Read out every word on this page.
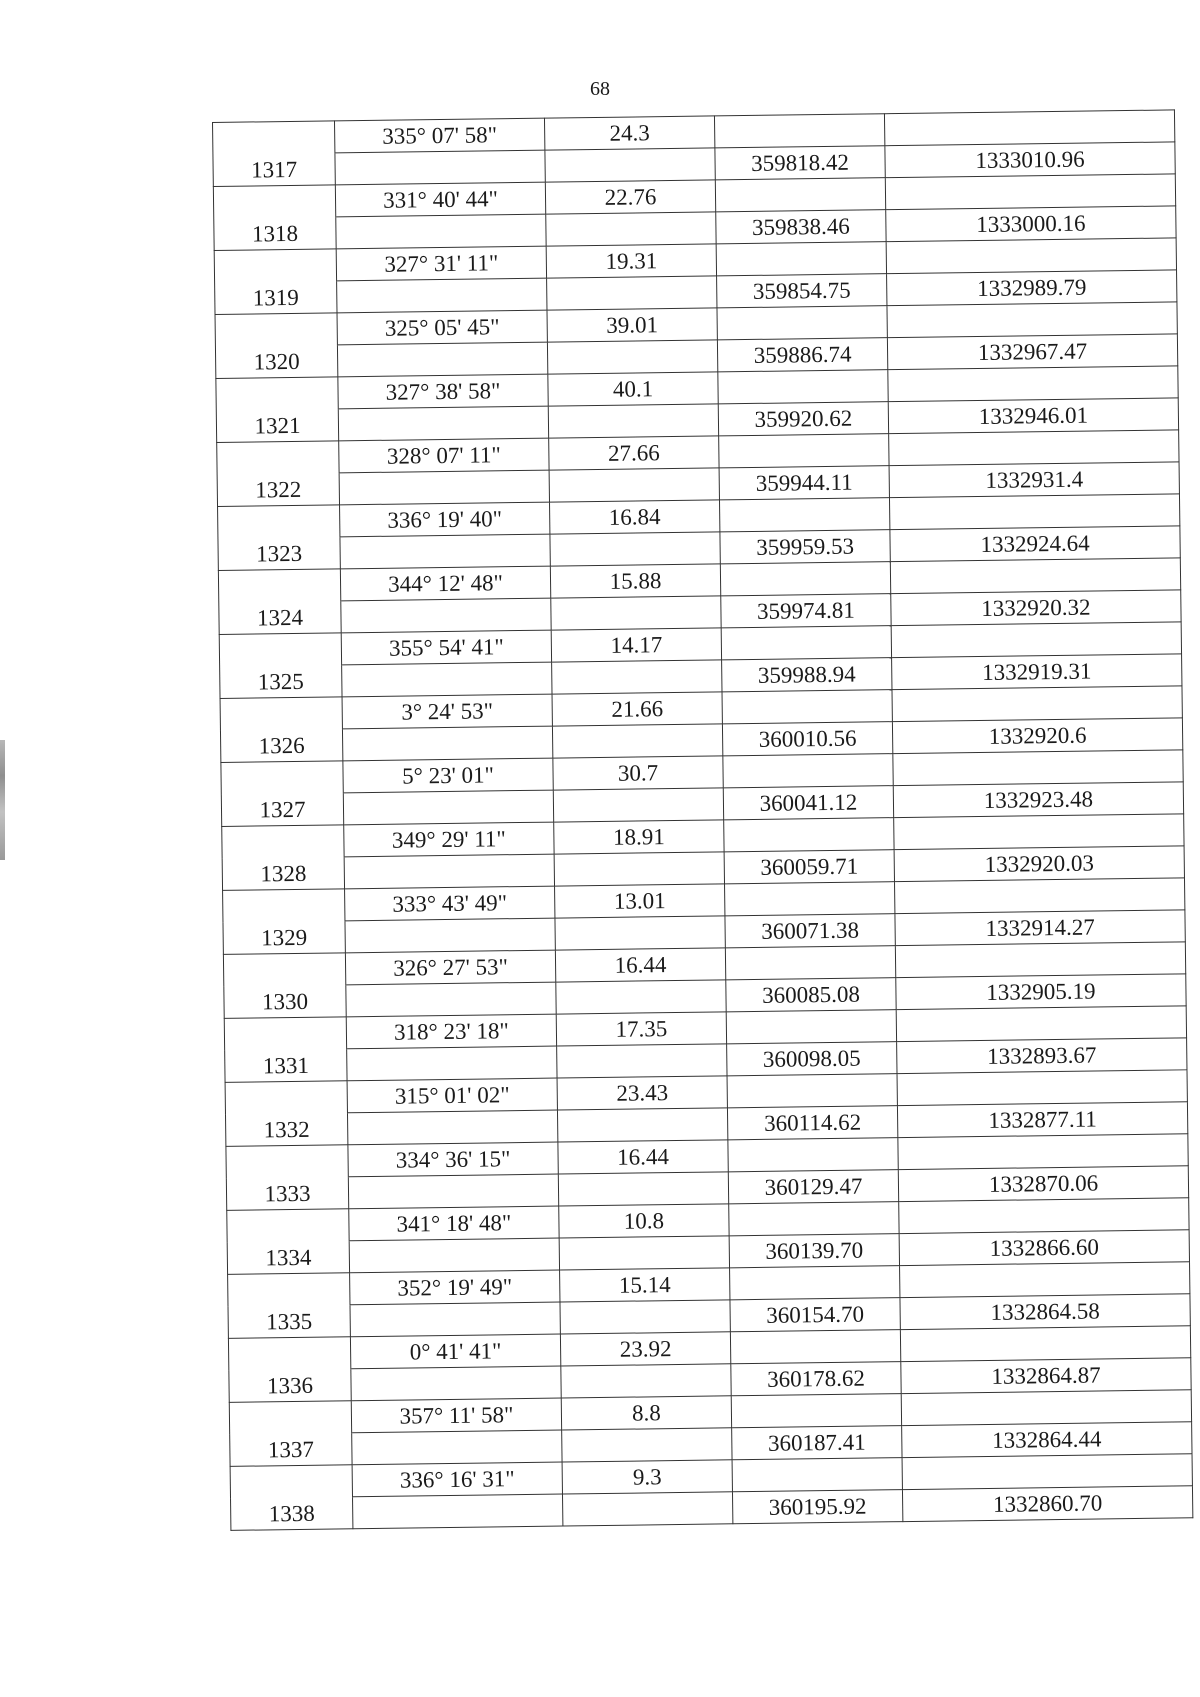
68
	335° 07' 58"	24.3		
1317			359818.42	1333010.96
	331° 40' 44"	22.76		
1318			359838.46	1333000.16
	327° 31' 11"	19.31		
1319			359854.75	1332989.79
	325° 05' 45"	39.01		
1320			359886.74	1332967.47
	327° 38' 58"	40.1		
1321			359920.62	1332946.01
	328° 07' 11"	27.66		
1322			359944.11	1332931.4
	336° 19' 40"	16.84		
1323			359959.53	1332924.64
	344° 12' 48"	15.88		
1324			359974.81	1332920.32
	355° 54' 41"	14.17		
1325			359988.94	1332919.31
	3° 24' 53"	21.66		
1326			360010.56	1332920.6
	5° 23' 01"	30.7		
1327			360041.12	1332923.48
	349° 29' 11"	18.91		
1328			360059.71	1332920.03
	333° 43' 49"	13.01		
1329			360071.38	1332914.27
	326° 27' 53"	16.44		
1330			360085.08	1332905.19
	318° 23' 18"	17.35		
1331			360098.05	1332893.67
	315° 01' 02"	23.43		
1332			360114.62	1332877.11
	334° 36' 15"	16.44		
1333			360129.47	1332870.06
	341° 18' 48"	10.8		
1334			360139.70	1332866.60
	352° 19' 49"	15.14		
1335			360154.70	1332864.58
	0° 41' 41"	23.92		
1336			360178.62	1332864.87
	357° 11' 58"	8.8		
1337			360187.41	1332864.44
	336° 16' 31"	9.3		
1338			360195.92	1332860.70
